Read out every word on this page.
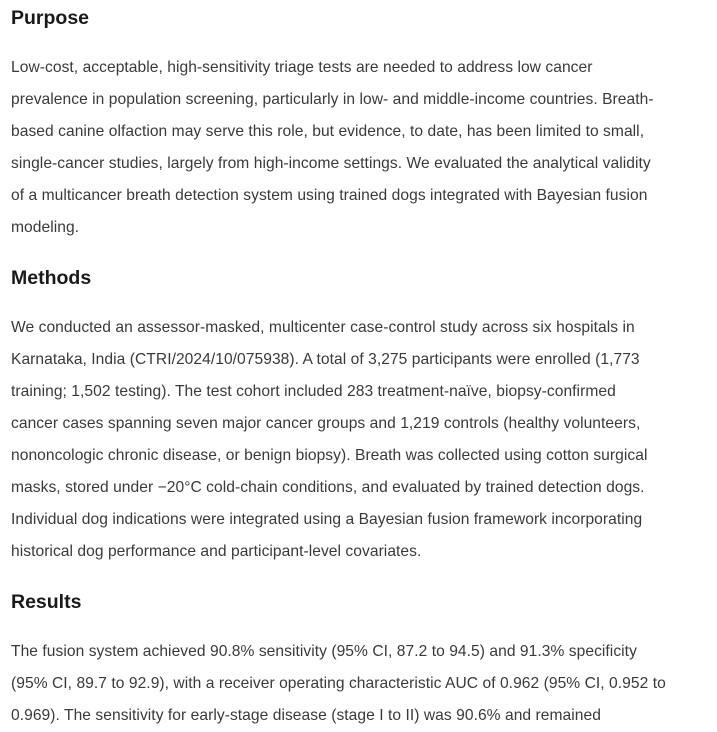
Purpose

Low-cost, acceptable, high-sensitivity triage tests are needed to address low cancer
prevalence in population screening, particularly in low- and middle-income countries. Breath-
based canine olfaction may serve this role, but evidence, to date, has been limited to small,
single-cancer studies, largely from high-income settings. We evaluated the analytical validity
of a multicancer breath detection system using trained dogs integrated with Bayesian fusion
modeling.

Methods

We conducted an assessor-masked, multicenter case-control study across six hospitals in
Karnataka, India (CTRI/2024/10/075938). A total of 3,275 participants were enrolled (1,773
training; 1,502 testing). The test cohort included 283 treatment-naïve, biopsy-confirmed
cancer cases spanning seven major cancer groups and 1,219 controls (healthy volunteers,
nononcologic chronic disease, or benign biopsy). Breath was collected using cotton surgical
masks, stored under −20°C cold-chain conditions, and evaluated by trained detection dogs.
Individual dog indications were integrated using a Bayesian fusion framework incorporating
historical dog performance and participant-level covariates.

Results

The fusion system achieved 90.8% sensitivity (95% CI, 87.2 to 94.5) and 91.3% specificity
(95% CI, 89.7 to 92.9), with a receiver operating characteristic AUC of 0.962 (95% CI, 0.952 to
0.969). The sensitivity for early-stage disease (stage I to II) was 90.6% and remained
